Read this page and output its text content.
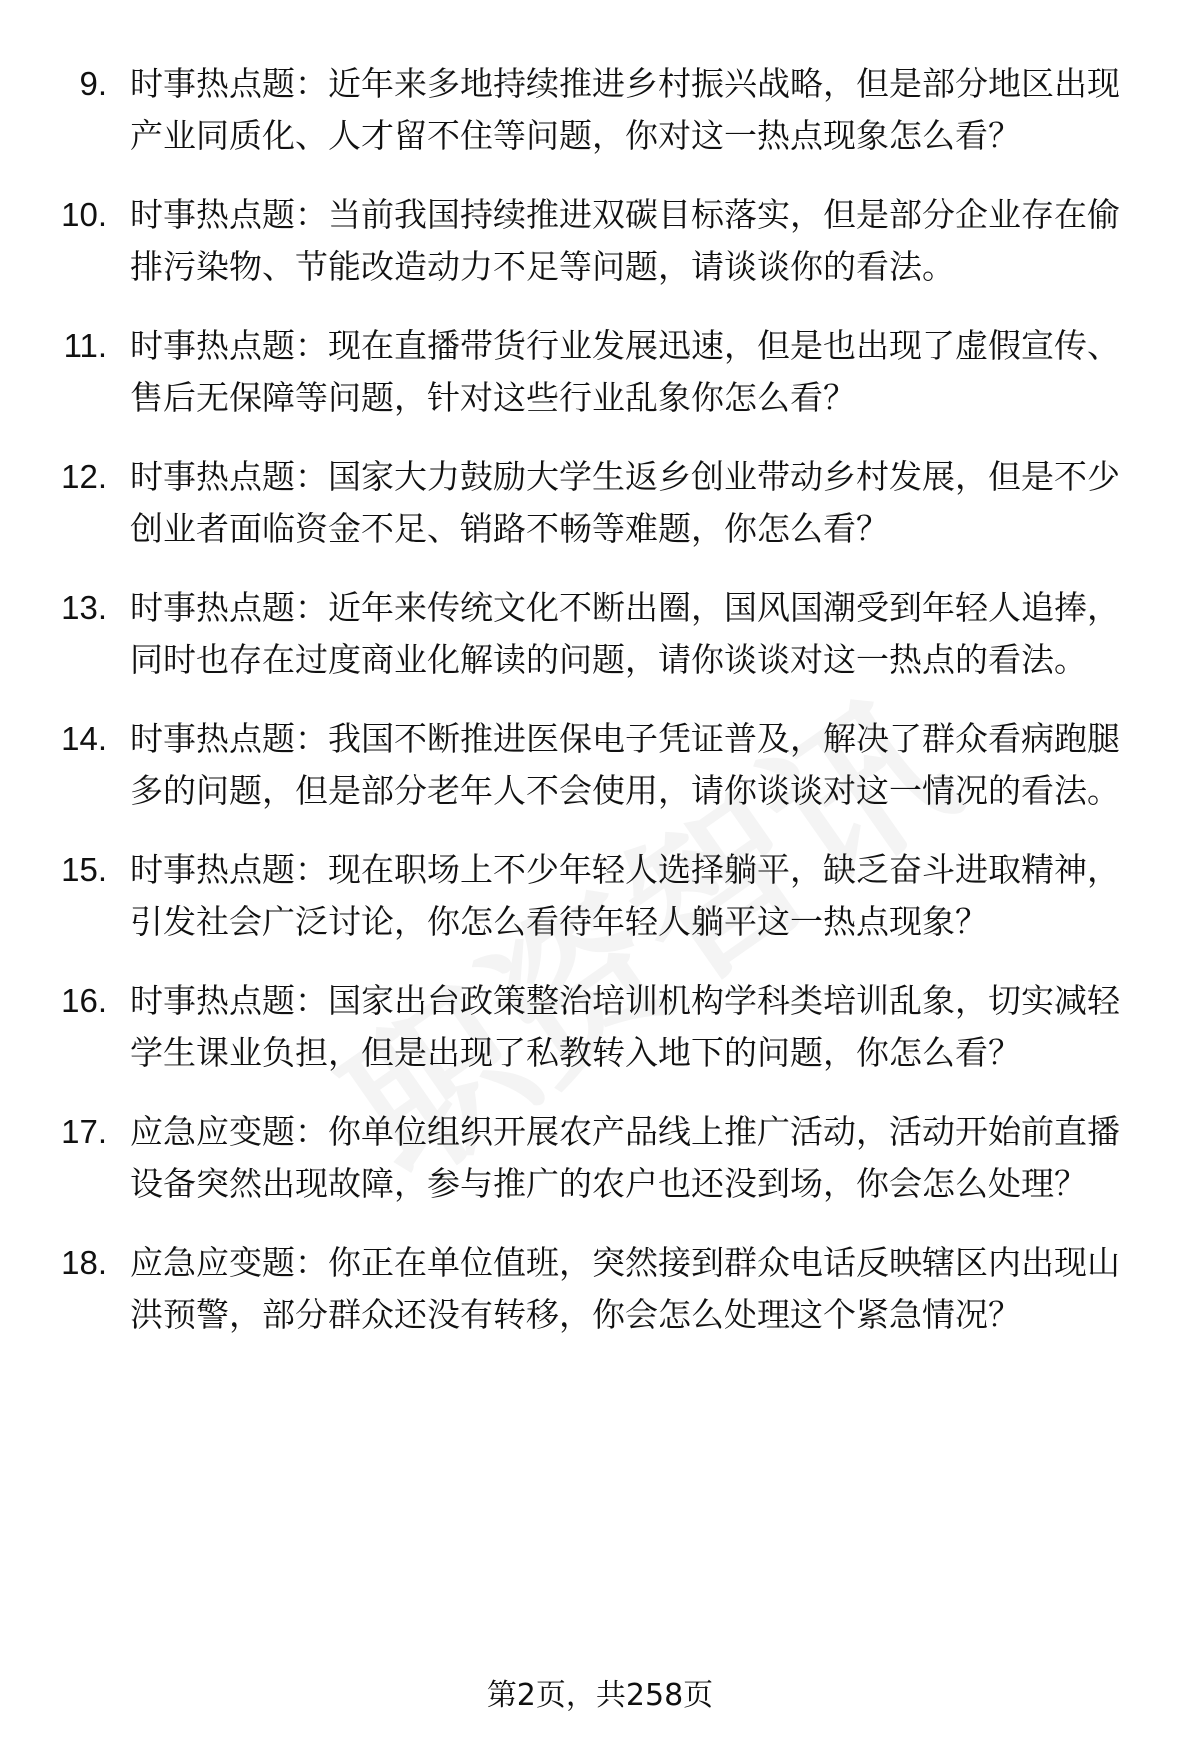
9. 时事热点题：近年来多地持续推进乡村振兴战略，但是部分地区出现产业同质化、人才留不住等问题，你对这一热点现象怎么看？
10. 时事热点题：当前我国持续推进双碳目标落实，但是部分企业存在偷排污染物、节能改造动力不足等问题，请谈谈你的看法。
11. 时事热点题：现在直播带货行业发展迅速，但是也出现了虚假宣传、售后无保障等问题，针对这些行业乱象你怎么看？
12. 时事热点题：国家大力鼓励大学生返乡创业带动乡村发展，但是不少创业者面临资金不足、销路不畅等难题，你怎么看？
13. 时事热点题：近年来传统文化不断出圈，国风国潮受到年轻人追捧，同时也存在过度商业化解读的问题，请你谈谈对这一热点的看法。
14. 时事热点题：我国不断推进医保电子凭证普及，解决了群众看病跑腿多的问题，但是部分老年人不会使用，请你谈谈对这一情况的看法。
15. 时事热点题：现在职场上不少年轻人选择躺平，缺乏奋斗进取精神，引发社会广泛讨论，你怎么看待年轻人躺平这一热点现象？
16. 时事热点题：国家出台政策整治培训机构学科类培训乱象，切实减轻学生课业负担，但是出现了私教转入地下的问题，你怎么看？
17. 应急应变题：你单位组织开展农产品线上推广活动，活动开始前直播设备突然出现故障，参与推广的农户也还没到场，你会怎么处理？
18. 应急应变题：你正在单位值班，突然接到群众电话反映辖区内出现山洪预警，部分群众还没有转移，你会怎么处理这个紧急情况？
第2页，共258页
